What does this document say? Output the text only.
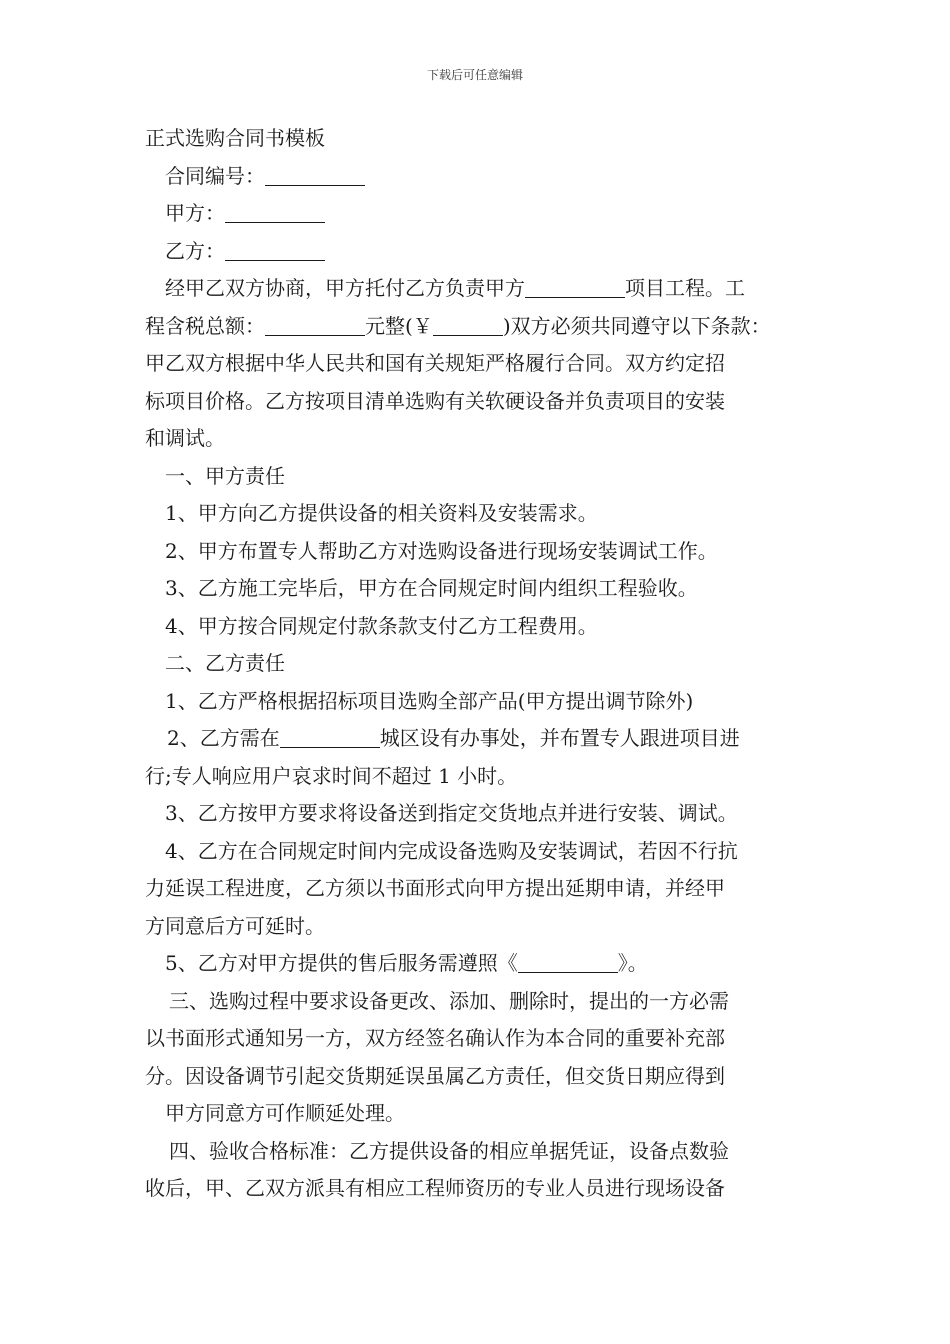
下载后可任意编辑

正式选购合同书模板

合同编号：

甲方：

乙方：

经甲乙双方协商，甲方托付乙方负责甲方	项目工程。工

程含税总额：	元整(￥	)双方必须共同遵守以下条款：

甲乙双方根据中华人民共和国有关规矩严格履行合同。双方约定招

标项目价格。乙方按项目清单选购有关软硬设备并负责项目的安装

和调试。

一、甲方责任

1、甲方向乙方提供设备的相关资料及安装需求。

2、甲方布置专人帮助乙方对选购设备进行现场安装调试工作。

3、乙方施工完毕后，甲方在合同规定时间内组织工程验收。

4、甲方按合同规定付款条款支付乙方工程费用。

二、乙方责任

1、乙方严格根据招标项目选购全部产品(甲方提出调节除外)

2、乙方需在	城区设有办事处，并布置专人跟进项目进

行;专人响应用户哀求时间不超过 1 小时。

3、乙方按甲方要求将设备送到指定交货地点并进行安装、调试。

4、乙方在合同规定时间内完成设备选购及安装调试，若因不行抗

力延误工程进度，乙方须以书面形式向甲方提出延期申请，并经甲

方同意后方可延时。

5、乙方对甲方提供的售后服务需遵照《	》。

三、选购过程中要求设备更改、添加、删除时，提出的一方必需

以书面形式通知另一方，双方经签名确认作为本合同的重要补充部

分。因设备调节引起交货期延误虽属乙方责任，但交货日期应得到

甲方同意方可作顺延处理。

四、验收合格标准：乙方提供设备的相应单据凭证，设备点数验

收后，甲、乙双方派具有相应工程师资历的专业人员进行现场设备
